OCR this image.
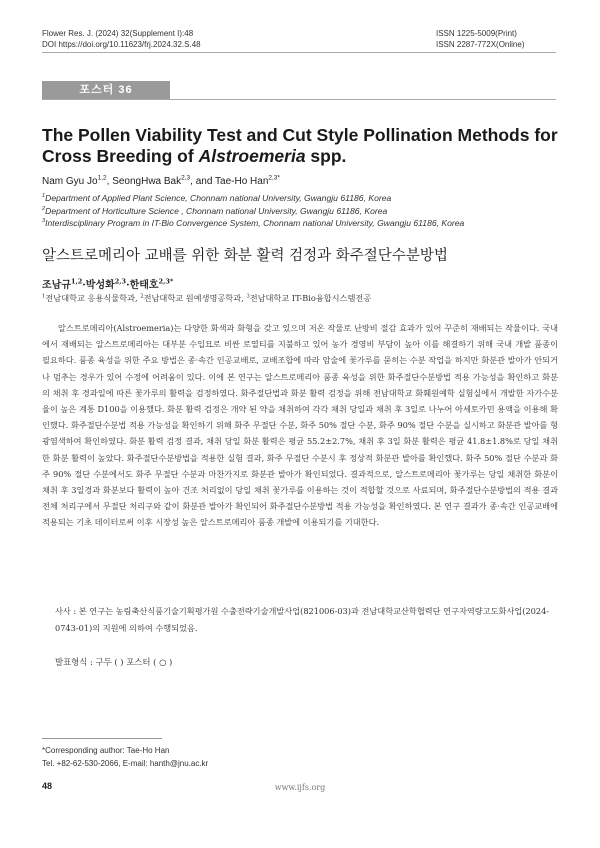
Flower Res. J. (2024) 32(Supplement I):48
DOI https://doi.org/10.11623/frj.2024.32.S.48
ISSN 1225-5009(Print)
ISSN 2287-772X(Online)
포스터 36
The Pollen Viability Test and Cut Style Pollination Methods for Cross Breeding of Alstroemeria spp.
Nam Gyu Jo$^{1,2}$, SeongHwa Bak$^{2,3}$, and Tae-Ho Han$^{2,3*}$
$^1$Department of Applied Plant Science, Chonnam national University, Gwangju 61186, Korea
$^2$Department of Horticulture Science , Chonnam national University, Gwangju 61186, Korea
$^3$Interdisciplinary Program in IT-Bio Convergence System, Chonnam national University, Gwangju 61186, Korea
알스트로메리아 교배를 위한 화분 활력 검정과 화주절단수분방법
조남규$^{1,2}$·박성화$^{2,3}$·한태호$^{2,3*}$
$^1$전남대학교 응용식물학과, $^2$전남대학교 원예생명공학과, $^3$전남대학교 IT-Bio융합시스템전공
알스트로메리아(Alstroemeria)는 다양한 화색과 화형을 갖고 있으며 저온 작물로 난방비 절감 효과가 있어 꾸준히 재배되는 작물이다. 국내에서 재배되는 알스트로메리아는 대부분 수입묘로 비싼 로열티를 지불하고 있어 농가 경영비 부담이 높아 이를 해결하기 위해 국내 개발 품종이 필요하다. 품종 육성을 위한 주요 방법은 종·속간 인공교배로, 교배조합에 따라 암술에 꽃가루를 묻히는 수분 작업을 하지만 화분관 발아가 안되거나 멈추는 경우가 있어 수정에 어려움이 있다. 이에 본 연구는 알스트로메리아 품종 육성을 위한 화주절단수분방법 적용 가능성을 확인하고 화분의 채취 후 경과일에 따른 꽃가루의 활력을 검정하였다. 화주절단법과 화분 활력 검정을 위해 전남대학교 화훼원예학 실험실에서 개발한 자가수분율이 높은 계통 D100을 이용했다. 화분 활력 검정은 개약 된 약을 채취하여 각각 채취 당일과 채취 후 3일로 나누어 아세토카민 용액을 이용해 확인했다. 화주절단수분법 적용 가능성을 확인하기 위해 화주 무절단 수분, 화주 50% 절단 수분, 화주 90% 절단 수분을 실시하고 화분관 발아를 형광염색하여 확인하였다. 화분 활력 검정 결과, 채취 당일 화분 활력은 평균 55.2±2.7%, 채취 후 3일 화분 활력은 평균 41.8±1.8%로 당일 채취한 화분 활력이 높았다. 화주절단수분방법을 적용한 실험 결과, 화주 무절단 수분시 후 정상적 화분관 발아를 확인했다. 화주 50% 절단 수분과 화주 90% 절단 수분에서도 화주 무절단 수분과 마찬가지로 화분관 발아가 확인되었다. 결과적으로, 알스트로메리아 꽃가루는 당일 채취한 화분이 채취 후 3일경과 화분보다 활력이 높아 건조 처리없이 당일 채취 꽃가루를 이용하는 것이 적합할 것으로 사료되며, 화주절단수분방법의 적용 결과 전체 처리구에서 무절단 처리구와 같이 화분관 발아가 확인되어 화주절단수분방법 적용 가능성을 확인하였다. 본 연구 결과가 종·속간 인공교배에 적용되는 기초 데이터로써 이후 시장성 높은 알스트로메리아 품종 개발에 이용되기를 기대한다.
사사 : 본 연구는 농림축산식품기술기획평가원 수출전략기술개발사업(821006-03)과 전남대학교산학협력단 연구자역량고도화사업(2024-0743-01)의 지원에 의하여 수행되었음.
발표형식 : 구두 ( ) 포스터 ( ○ )
*Corresponding author: Tae-Ho Han
Tel. +82-62-530-2066, E-mail: hanth@jnu.ac.kr
48	www.ijfs.org
